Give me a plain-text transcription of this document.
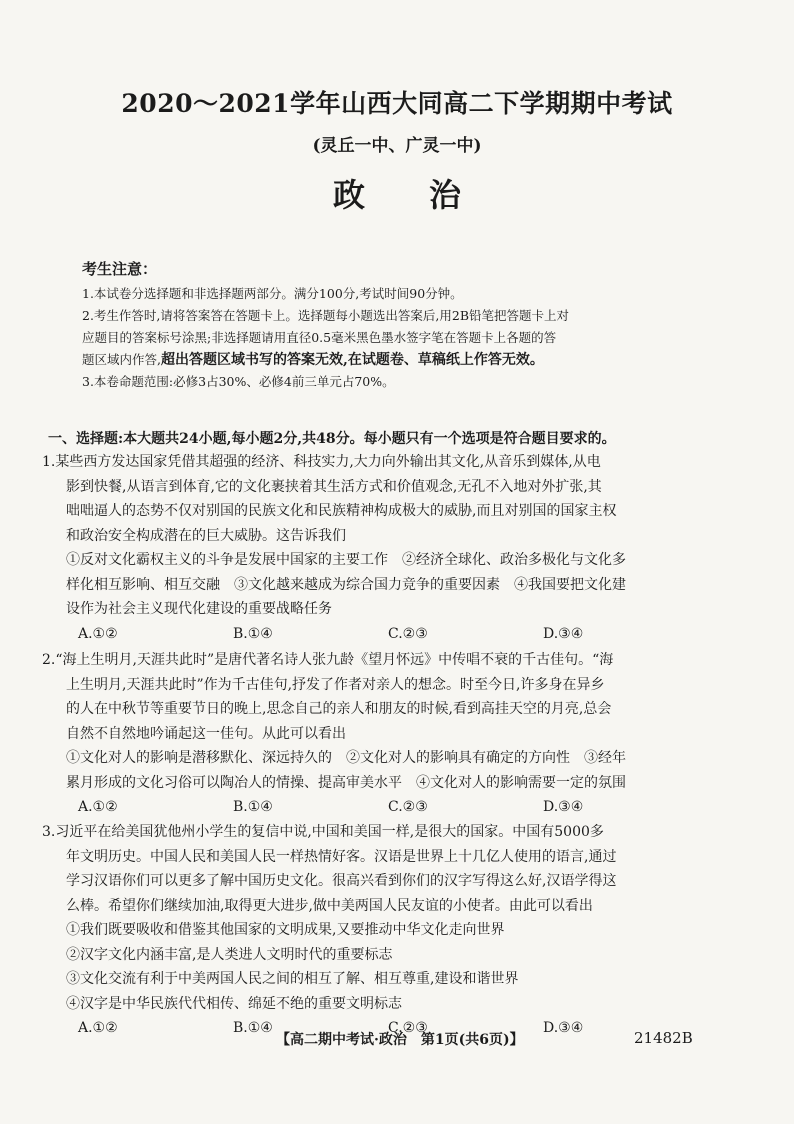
2020～2021学年山西大同高二下学期期中考试
(灵丘一中、广灵一中)
政　　治
考生注意：
1.本试卷分选择题和非选择题两部分。满分100分,考试时间90分钟。
2.考生作答时,请将答案答在答题卡上。选择题每小题选出答案后,用2B铅笔把答题卡上对
应题目的答案标号涂黑;非选择题请用直径0.5毫米黑色墨水签字笔在答题卡上各题的答
题区域内作答,超出答题区域书写的答案无效,在试题卷、草稿纸上作答无效。
3.本卷命题范围:必修3占30%、必修4前三单元占70%。
一、选择题:本大题共24小题,每小题2分,共48分。每小题只有一个选项是符合题目要求的。
1.某些西方发达国家凭借其超强的经济、科技实力,大力向外输出其文化,从音乐到媒体,从电
影到快餐,从语言到体育,它的文化裹挟着其生活方式和价值观念,无孔不入地对外扩张,其
咄咄逼人的态势不仅对别国的民族文化和民族精神构成极大的威胁,而且对别国的国家主权
和政治安全构成潜在的巨大威胁。这告诉我们
①反对文化霸权主义的斗争是发展中国家的主要工作　②经济全球化、政治多极化与文化多
样化相互影响、相互交融　③文化越来越成为综合国力竞争的重要因素　④我国要把文化建
设作为社会主义现代化建设的重要战略任务
A.①②	B.①④	C.②③	D.③④
2.“海上生明月,天涯共此时”是唐代著名诗人张九龄《望月怀远》中传唱不衰的千古佳句。“海
上生明月,天涯共此时”作为千古佳句,抒发了作者对亲人的想念。时至今日,许多身在异乡
的人在中秋节等重要节日的晚上,思念自己的亲人和朋友的时候,看到高挂天空的月亮,总会
自然不自然地吟诵起这一佳句。从此可以看出
①文化对人的影响是潜移默化、深远持久的　②文化对人的影响具有确定的方向性　③经年
累月形成的文化习俗可以陶冶人的情操、提高审美水平　④文化对人的影响需要一定的氛围
A.①②	B.①④	C.②③	D.③④
3.习近平在给美国犹他州小学生的复信中说,中国和美国一样,是很大的国家。中国有5000多
年文明历史。中国人民和美国人民一样热情好客。汉语是世界上十几亿人使用的语言,通过
学习汉语你们可以更多了解中国历史文化。很高兴看到你们的汉字写得这么好,汉语学得这
么棒。希望你们继续加油,取得更大进步,做中美两国人民友谊的小使者。由此可以看出
①我们既要吸收和借鉴其他国家的文明成果,又要推动中华文化走向世界
②汉字文化内涵丰富,是人类进人文明时代的重要标志
③文化交流有利于中美两国人民之间的相互了解、相互尊重,建设和谐世界
④汉字是中华民族代代相传、绵延不绝的重要文明标志
A.①②	B.①④	C.②③	D.③④
【高二期中考试·政治　第1页(共6页)】	21482B
